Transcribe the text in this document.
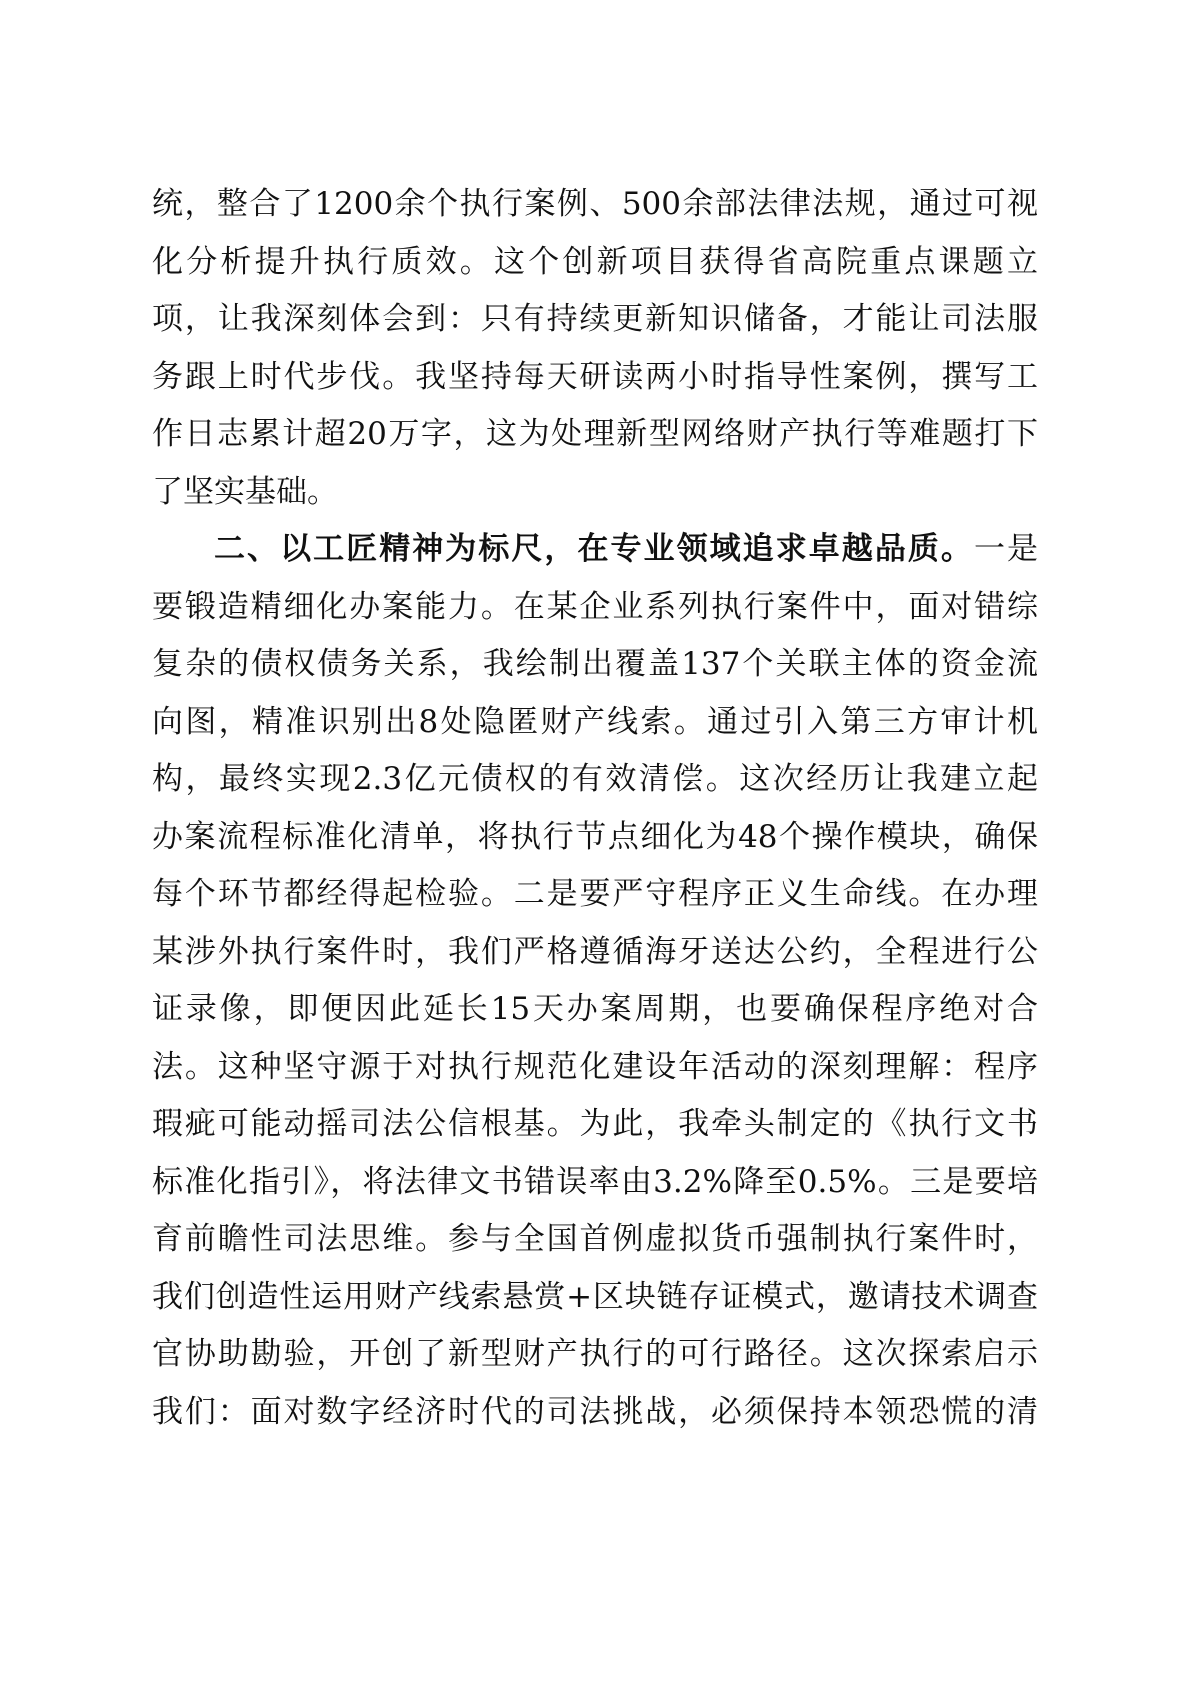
统，整合了1200余个执行案例、500余部法律法规，通过可视
化分析提升执行质效。这个创新项目获得省高院重点课题立
项，让我深刻体会到：只有持续更新知识储备，才能让司法服
务跟上时代步伐。我坚持每天研读两小时指导性案例，撰写工
作日志累计超20万字，这为处理新型网络财产执行等难题打下
了坚实基础。
二、以工匠精神为标尺，在专业领域追求卓越品质。一是
要锻造精细化办案能力。在某企业系列执行案件中，面对错综
复杂的债权债务关系，我绘制出覆盖137个关联主体的资金流
向图，精准识别出8处隐匿财产线索。通过引入第三方审计机
构，最终实现2.3亿元债权的有效清偿。这次经历让我建立起
办案流程标准化清单，将执行节点细化为48个操作模块，确保
每个环节都经得起检验。二是要严守程序正义生命线。在办理
某涉外执行案件时，我们严格遵循海牙送达公约，全程进行公
证录像，即便因此延长15天办案周期，也要确保程序绝对合
法。这种坚守源于对执行规范化建设年活动的深刻理解：程序
瑕疵可能动摇司法公信根基。为此，我牵头制定的《执行文书
标准化指引》，将法律文书错误率由3.2%降至0.5%。三是要培
育前瞻性司法思维。参与全国首例虚拟货币强制执行案件时，
我们创造性运用财产线索悬赏+区块链存证模式，邀请技术调查
官协助勘验，开创了新型财产执行的可行路径。这次探索启示
我们：面对数字经济时代的司法挑战，必须保持本领恐慌的清
